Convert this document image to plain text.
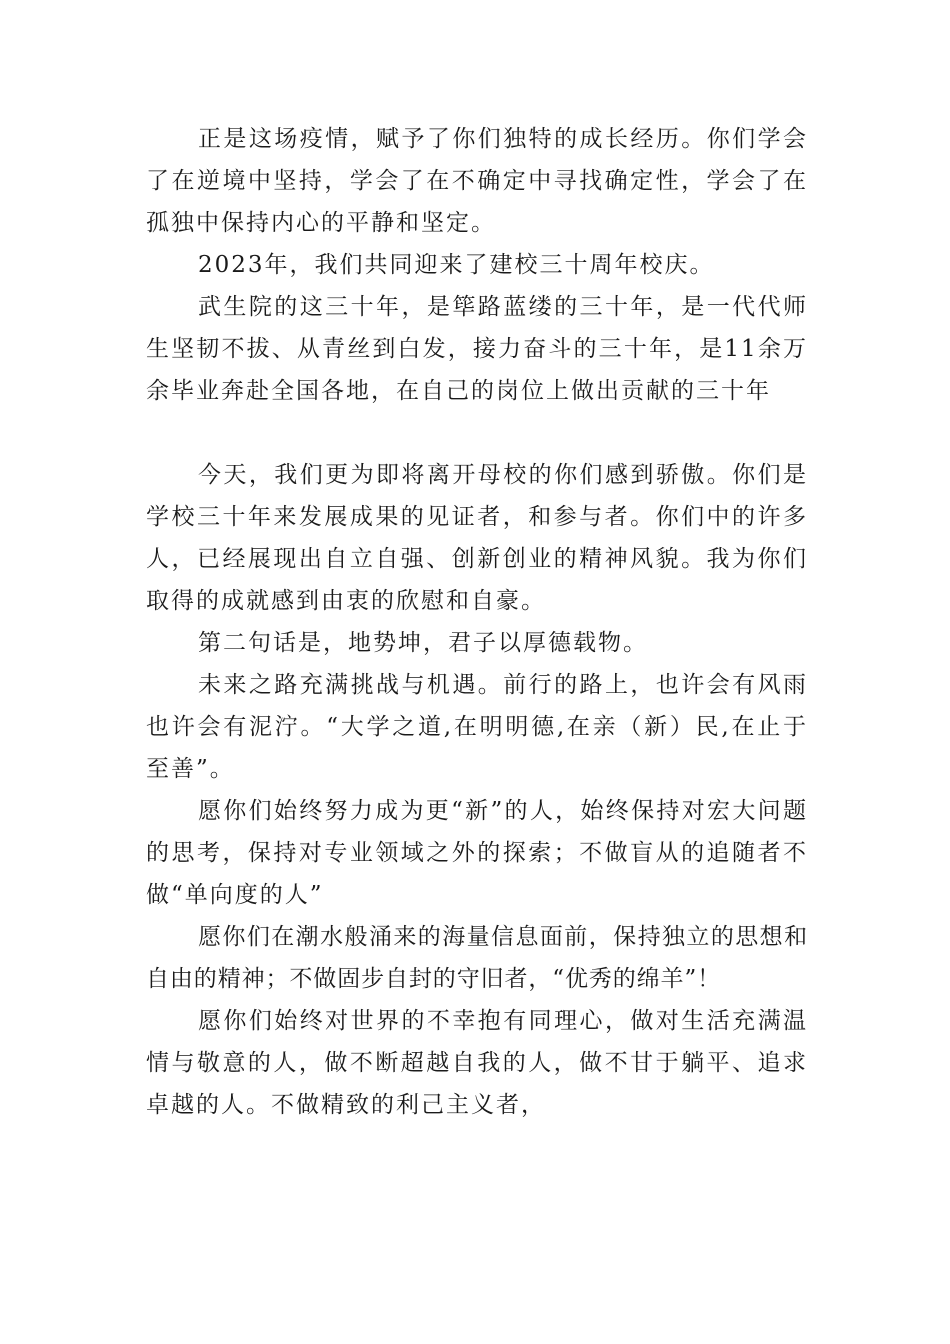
正是这场疫情，赋予了你们独特的成长经历。你们学会了在逆境中坚持，学会了在不确定中寻找确定性，学会了在孤独中保持内心的平静和坚定。

2023年，我们共同迎来了建校三十周年校庆。

武生院的这三十年，是筚路蓝缕的三十年，是一代代师生坚韧不拔、从青丝到白发，接力奋斗的三十年，是11余万余毕业奔赴全国各地，在自己的岗位上做出贡献的三十年

今天，我们更为即将离开母校的你们感到骄傲。你们是学校三十年来发展成果的见证者，和参与者。你们中的许多人，已经展现出自立自强、创新创业的精神风貌。我为你们取得的成就感到由衷的欣慰和自豪。

第二句话是，地势坤，君子以厚德载物。

未来之路充满挑战与机遇。前行的路上，也许会有风雨也许会有泥泞。“大学之道,在明明德,在亲（新）民,在止于至善”。

愿你们始终努力成为更“新”的人，始终保持对宏大问题的思考，保持对专业领域之外的探索；不做盲从的追随者不做“单向度的人”

愿你们在潮水般涌来的海量信息面前，保持独立的思想和自由的精神；不做固步自封的守旧者，“优秀的绵羊”！

愿你们始终对世界的不幸抱有同理心，做对生活充满温情与敬意的人，做不断超越自我的人，做不甘于躺平、追求卓越的人。不做精致的利己主义者，
